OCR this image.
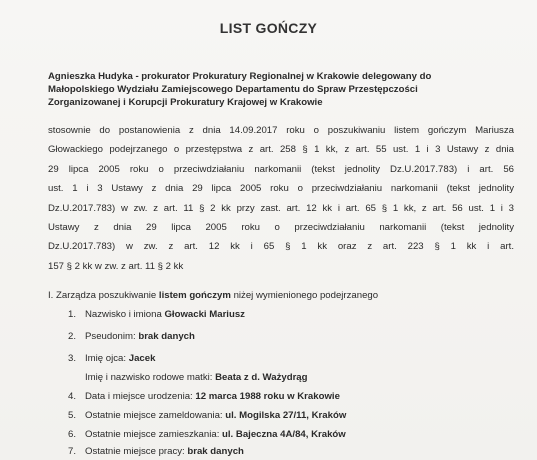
LIST GOŃCZY
Agnieszka Hudyka - prokurator Prokuratury Regionalnej w Krakowie delegowany do
Małopolskiego Wydziału Zamiejscowego Departamentu do Spraw Przestępczości
Zorganizowanej i Korupcji Prokuratury Krajowej w Krakowie
stosownie do postanowienia z dnia 14.09.2017 roku o poszukiwaniu listem gończym Mariusza
Głowackiego podejrzanego o przestępstwa z art. 258 § 1 kk, z art. 55 ust. 1 i 3 Ustawy z dnia
29 lipca 2005 roku o przeciwdziałaniu narkomanii (tekst jednolity Dz.U.2017.783) i art. 56
ust. 1 i 3 Ustawy z dnia 29 lipca 2005 roku o przeciwdziałaniu narkomanii (tekst jednolity
Dz.U.2017.783) w zw. z art. 11 § 2 kk przy zast. art. 12 kk i art. 65 § 1 kk, z art. 56 ust. 1 i 3
Ustawy z dnia 29 lipca 2005 roku o przeciwdziałaniu narkomanii (tekst jednolity
Dz.U.2017.783) w zw. z art. 12 kk i 65 § 1 kk oraz z art. 223 § 1 kk i art.
157 § 2 kk w zw. z art. 11 § 2 kk
I. Zarządza poszukiwanie listem gończym niżej wymienionego podejrzanego
1. Nazwisko i imiona Głowacki Mariusz
2. Pseudonim: brak danych
3. Imię ojca: Jacek
Imię i nazwisko rodowe matki: Beata z d. Ważydrąg
4. Data i miejsce urodzenia: 12 marca 1988 roku w Krakowie
5. Ostatnie miejsce zameldowania: ul. Mogilska 27/11, Kraków
6. Ostatnie miejsce zamieszkania: ul. Bajeczna 4A/84, Kraków
7. Ostatnie miejsce pracy: brak danych
